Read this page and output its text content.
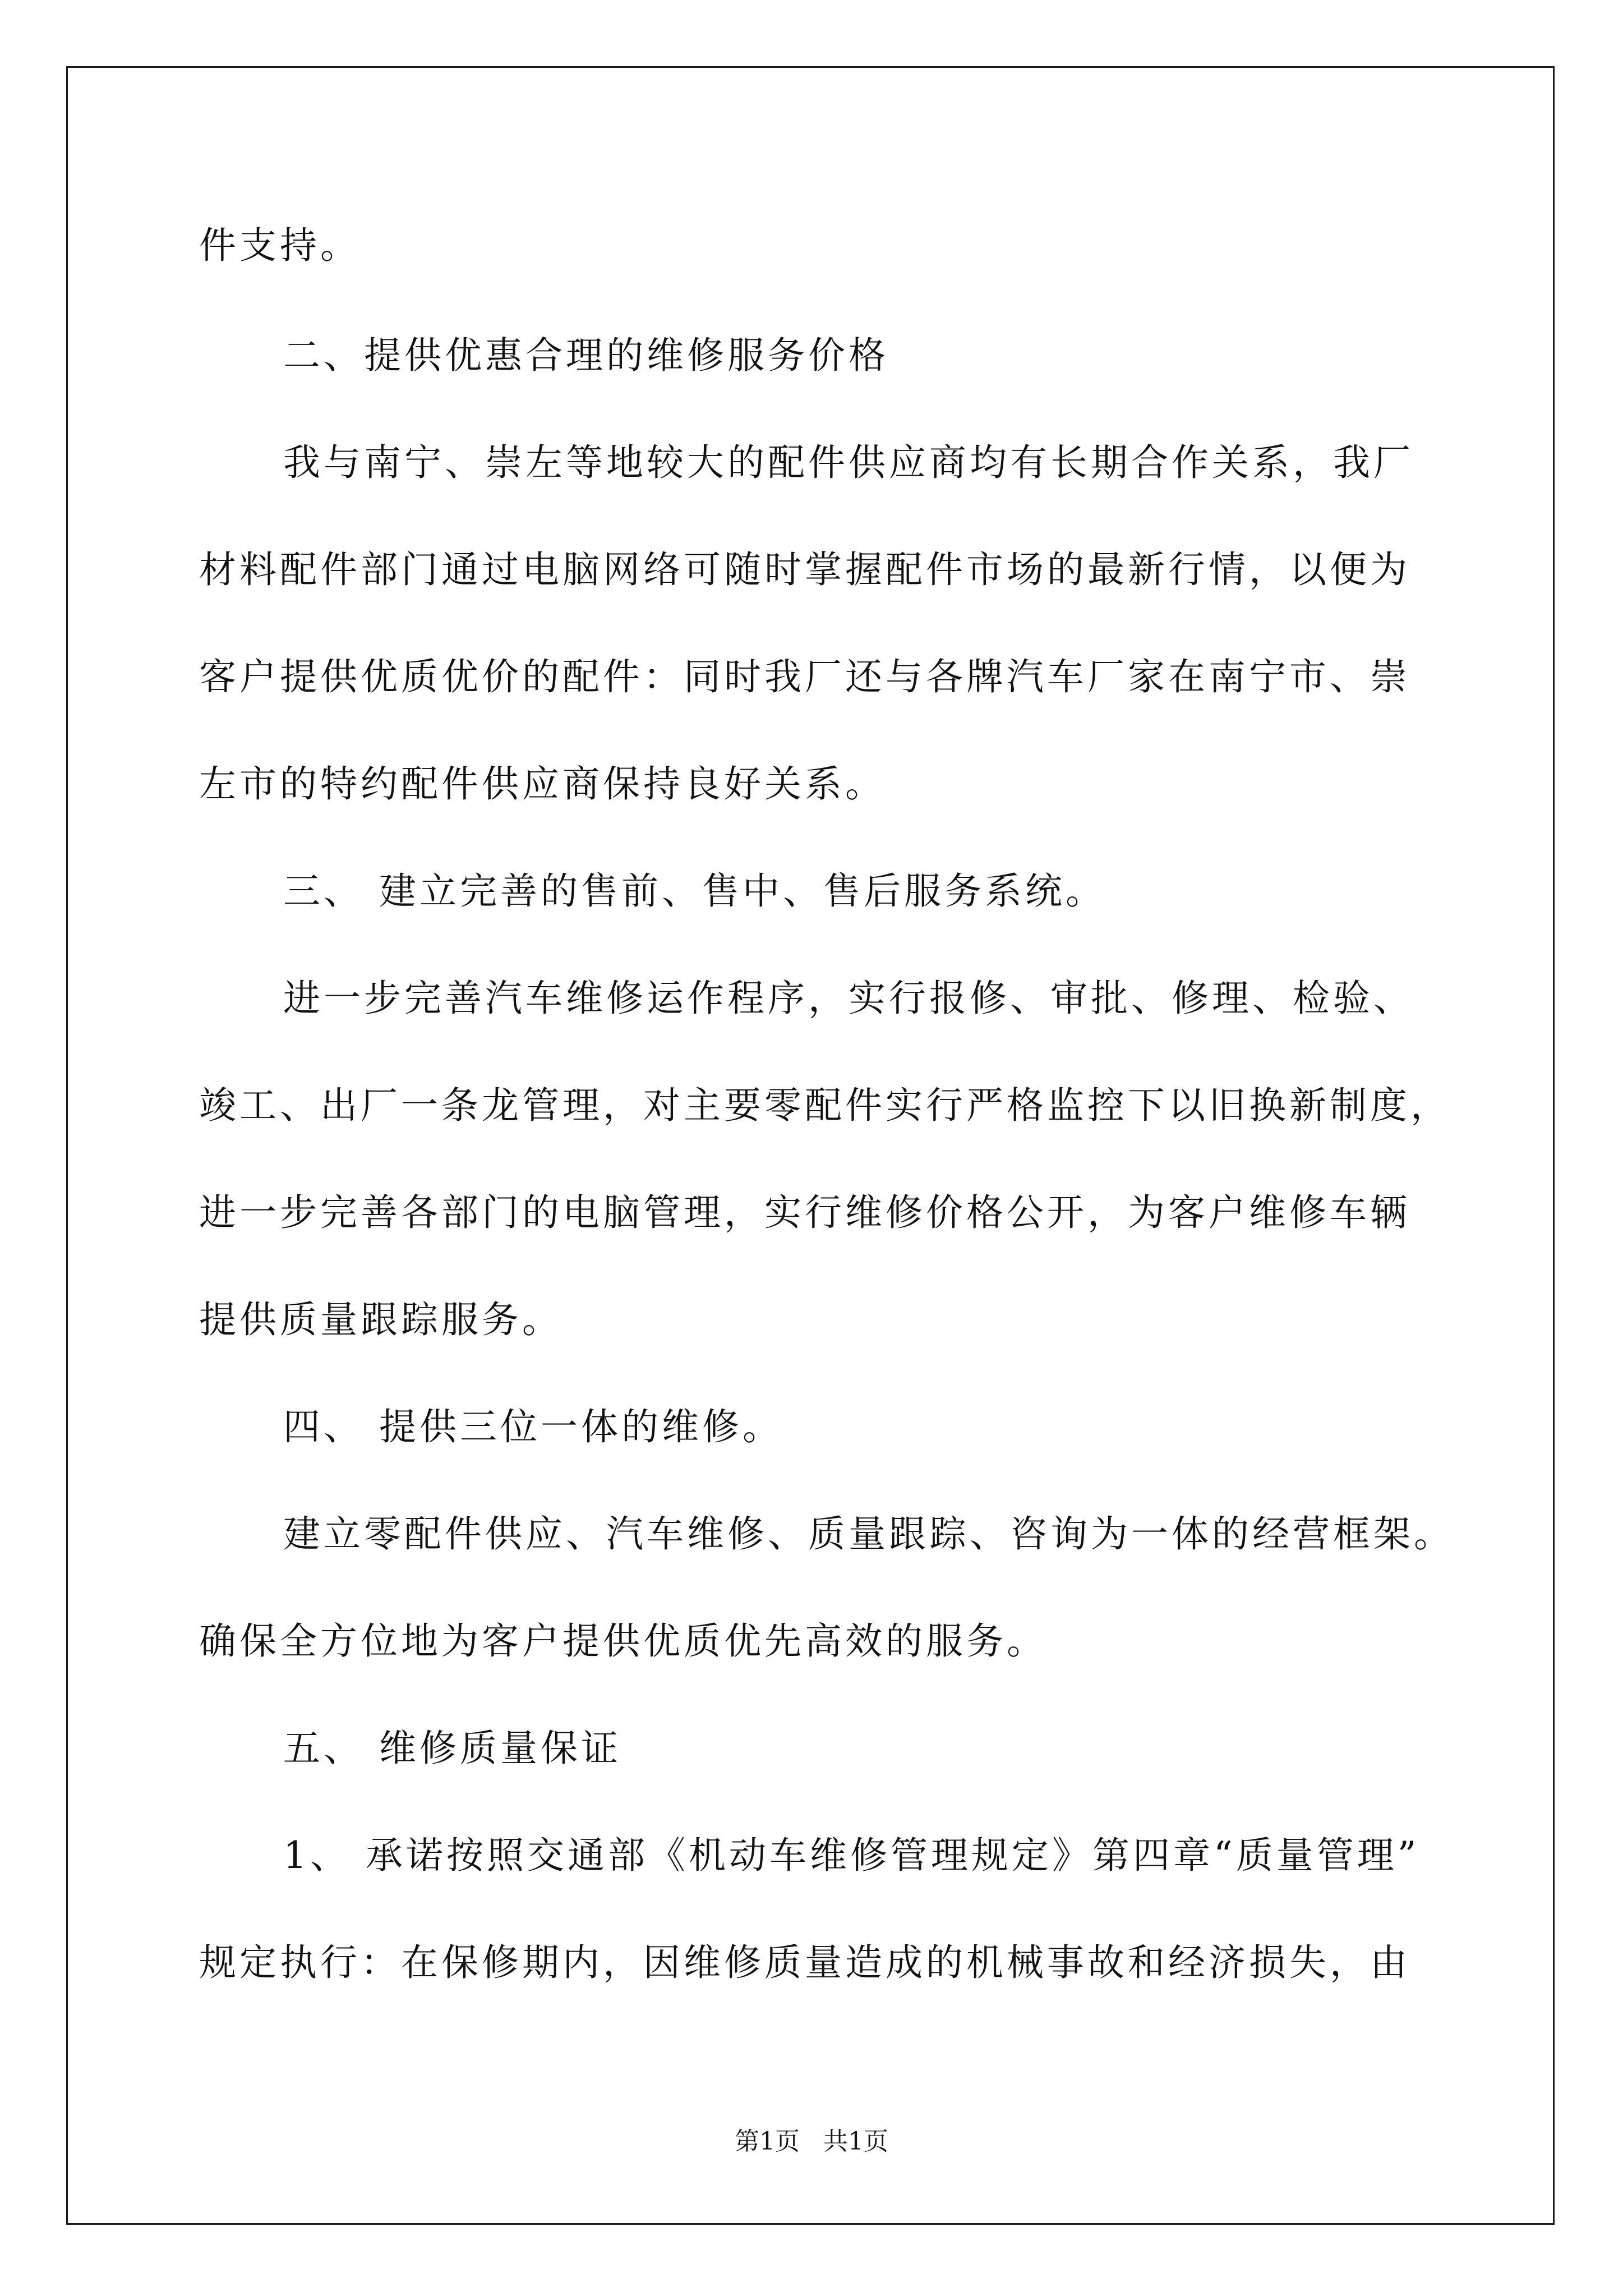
件支持。

二、提供优惠合理的维修服务价格

我与南宁、崇左等地较大的配件供应商均有长期合作关系，我厂

材料配件部门通过电脑网络可随时掌握配件市场的最新行情，以便为

客户提供优质优价的配件：同时我厂还与各牌汽车厂家在南宁市、崇

左市的特约配件供应商保持良好关系。

三、 建立完善的售前、售中、售后服务系统。

进一步完善汽车维修运作程序，实行报修、审批、修理、检验、

竣工、出厂一条龙管理，对主要零配件实行严格监控下以旧换新制度，

进一步完善各部门的电脑管理，实行维修价格公开，为客户维修车辆

提供质量跟踪服务。

四、 提供三位一体的维修。

建立零配件供应、汽车维修、质量跟踪、咨询为一体的经营框架。

确保全方位地为客户提供优质优先高效的服务。

五、 维修质量保证

1、 承诺按照交通部《机动车维修管理规定》第四章“质量管理”

规定执行：在保修期内，因维修质量造成的机械事故和经济损失，由

第1页   共1页
